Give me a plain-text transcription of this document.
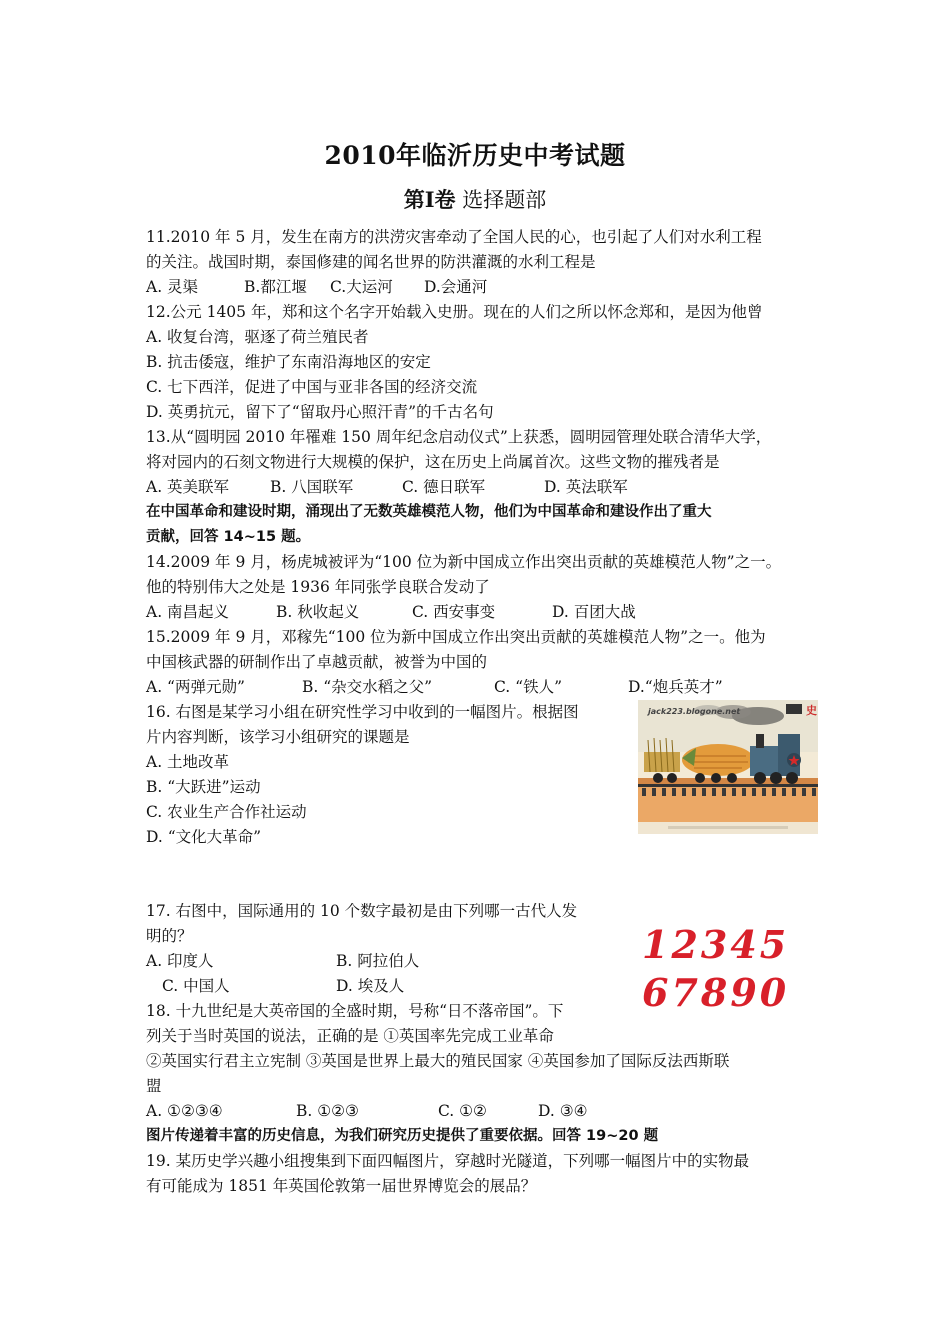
2010年临沂历史中考试题
第Ⅰ卷 选择题部
11.2010 年 5 月，发生在南方的洪涝灾害牵动了全国人民的心，也引起了人们对水利工程
的关注。战国时期，泰国修建的闻名世界的防洪灌溉的水利工程是
A. 灵渠	B.都江堰 C.大运河 D.会通河
12.公元 1405 年，郑和这个名字开始载入史册。现在的人们之所以怀念郑和，是因为他曾
A. 收复台湾，驱逐了荷兰殖民者
B. 抗击倭寇，维护了东南沿海地区的安定
C. 七下西洋，促进了中国与亚非各国的经济交流
D. 英勇抗元，留下了“留取丹心照汗青”的千古名句
13.从“圆明园 2010 年罹难 150 周年纪念启动仪式”上获悉，圆明园管理处联合清华大学，
将对园内的石刻文物进行大规模的保护，这在历史上尚属首次。这些文物的摧残者是
A. 英美联军	B. 八国联军	C. 德日联军	D. 英法联军
在中国革命和建设时期，涌现出了无数英雄模范人物，他们为中国革命和建设作出了重大
贡献，回答 14~15 题。
14.2009 年 9 月，杨虎城被评为“100 位为新中国成立作出突出贡献的英雄模范人物”之一。
他的特别伟大之处是 1936 年同张学良联合发动了
A. 南昌起义	B. 秋收起义	C. 西安事变	D. 百团大战
15.2009 年 9 月，邓稼先“100 位为新中国成立作出突出贡献的英雄模范人物”之一。他为
中国核武器的研制作出了卓越贡献，被誉为中国的
A. “两弹元勋”	B. “杂交水稻之父”	C. “铁人”	D.“炮兵英才”
16. 右图是某学习小组在研究性学习中收到的一幅图片。根据图
片内容判断，该学习小组研究的课题是
A. 土地改革
B. “大跃进”运动
C. 农业生产合作社运动
D. “文化大革命”
jack223.blogone.net	史
17. 右图中，国际通用的 10 个数字最初是由下列哪一古代人发
明的？
A. 印度人	B. 阿拉伯人
C. 中国人	D. 埃及人
12345
67890
18. 十九世纪是大英帝国的全盛时期，号称“日不落帝国”。下
列关于当时英国的说法，正确的是 ①英国率先完成工业革命
②英国实行君主立宪制 ③英国是世界上最大的殖民国家 ④英国参加了国际反法西斯联
盟
A. ①②③④	B. ①②③	C. ①②	D. ③④
图片传递着丰富的历史信息，为我们研究历史提供了重要依据。回答 19~20 题
19. 某历史学兴趣小组搜集到下面四幅图片，穿越时光隧道，下列哪一幅图片中的实物最
有可能成为 1851 年英国伦敦第一届世界博览会的展品？
